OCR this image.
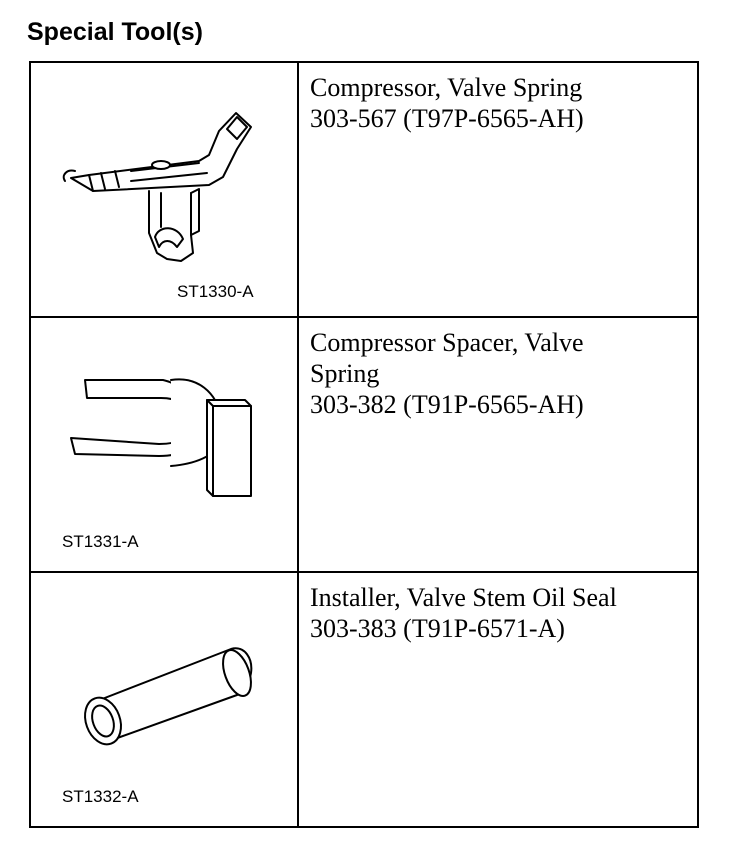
Special Tool(s)
ST1330-A	Compressor, Valve Spring
303-567 (T97P-6565-AH)

ST1331-A	Compressor Spacer, Valve
Spring
303-382 (T91P-6565-AH)

ST1332-A	Installer, Valve Stem Oil Seal
303-383 (T91P-6571-A)
